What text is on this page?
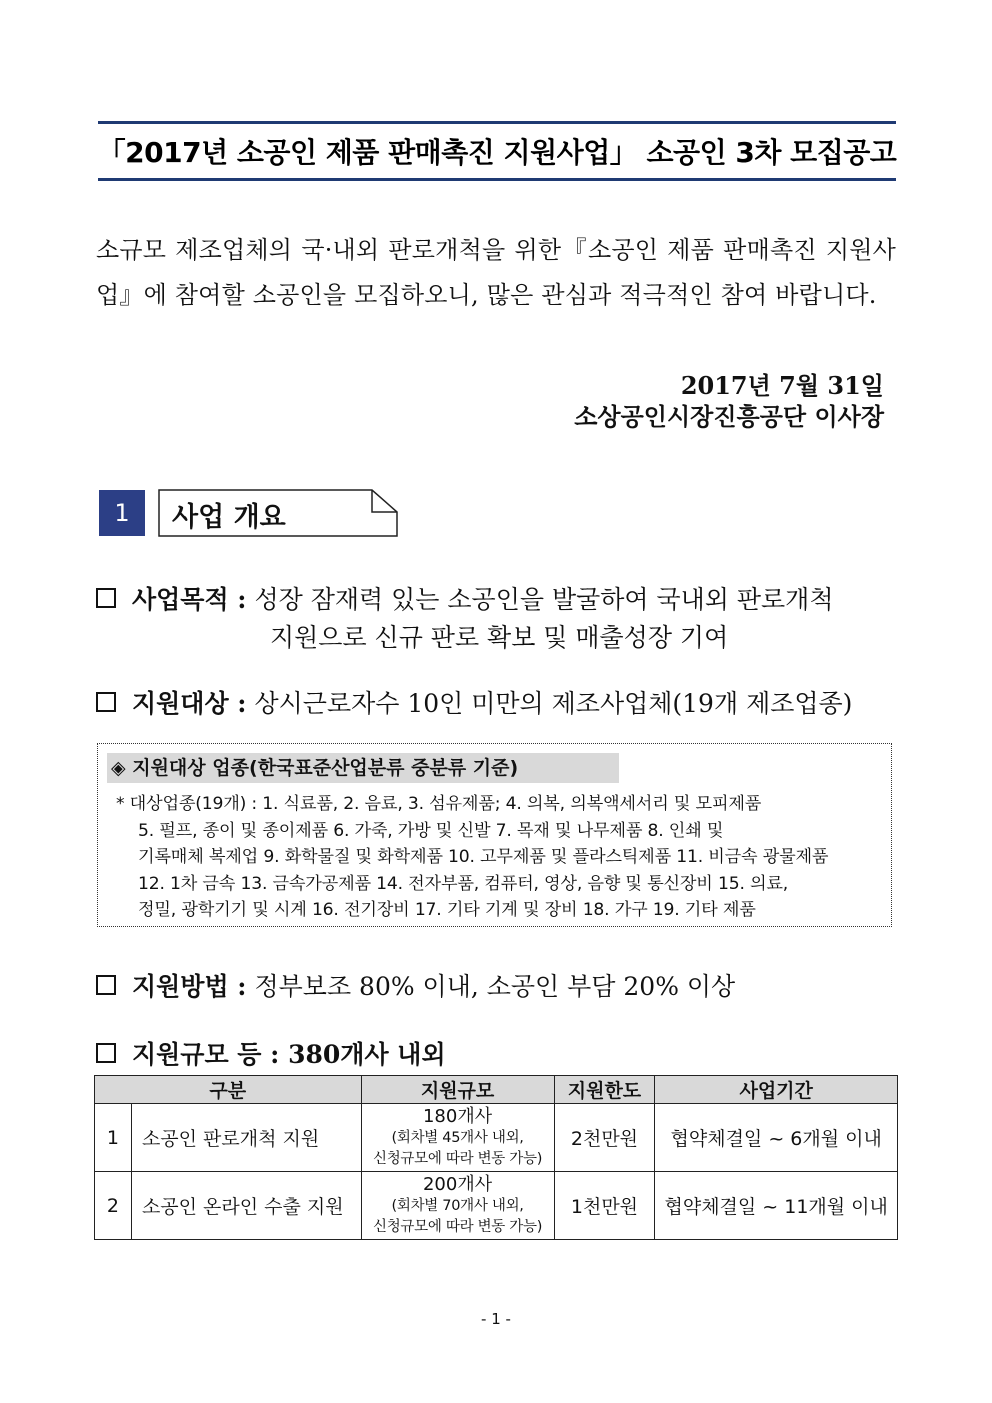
「2017년 소공인 제품 판매촉진 지원사업」 소공인 3차 모집공고
소규모 제조업체의 국·내외 판로개척을 위한『소공인 제품 판매촉진 지원사업』에 참여할 소공인을 모집하오니, 많은 관심과 적극적인 참여 바랍니다.
2017년 7월 31일
소상공인시장진흥공단 이사장
1	사업 개요
사업목적 : 성장 잠재력 있는 소공인을 발굴하여 국내외 판로개척
지원으로 신규 판로 확보 및 매출성장 기여
지원대상 : 상시근로자수 10인 미만의 제조사업체(19개 제조업종)
◈ 지원대상 업종(한국표준산업분류 중분류 기준)
* 대상업종(19개) : 1. 식료품, 2. 음료, 3. 섬유제품; 4. 의복, 의복액세서리 및 모피제품
5. 펄프, 종이 및 종이제품 6. 가죽, 가방 및 신발 7. 목재 및 나무제품 8. 인쇄 및
기록매체 복제업 9. 화학물질 및 화학제품 10. 고무제품 및 플라스틱제품 11. 비금속 광물제품
12. 1차 금속 13. 금속가공제품 14. 전자부품, 컴퓨터, 영상, 음향 및 통신장비 15. 의료,
정밀, 광학기기 및 시계 16. 전기장비 17. 기타 기계 및 장비 18. 가구 19. 기타 제품
지원방법 : 정부보조 80% 이내, 소공인 부담 20% 이상
지원규모 등 : 380개사 내외
구분		지원규모	지원한도	사업기간
1	소공인 판로개척 지원	180개사
(회차별 45개사 내외,
신청규모에 따라 변동 가능)	2천만원	협약체결일 ~ 6개월 이내
2	소공인 온라인 수출 지원	200개사
(회차별 70개사 내외,
신청규모에 따라 변동 가능)	1천만원	협약체결일 ~ 11개월 이내
- 1 -
